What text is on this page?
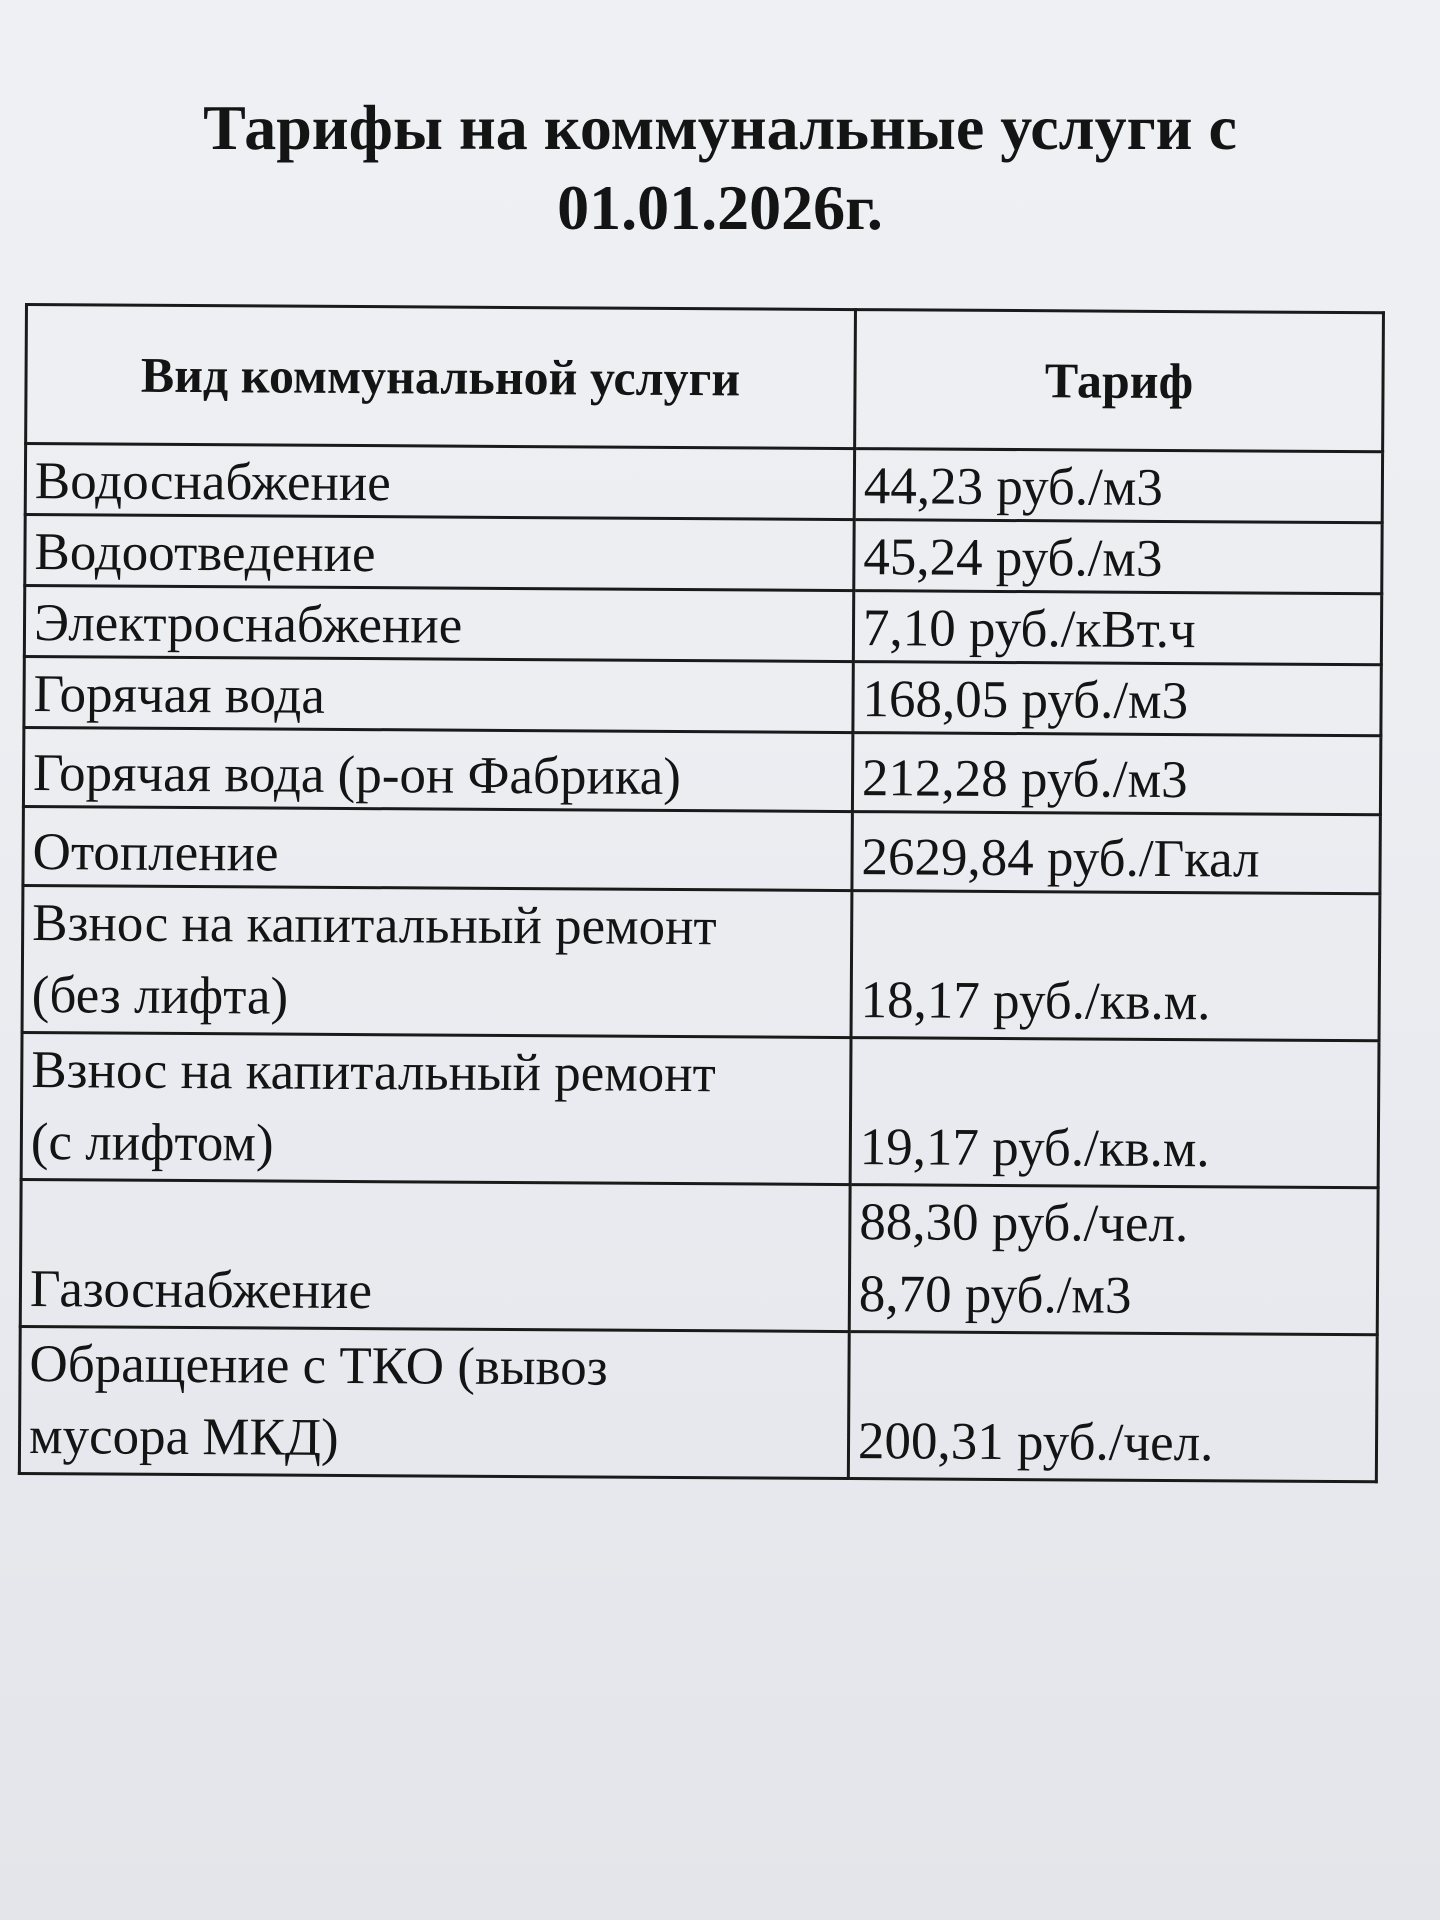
Тарифы на коммунальные услуги с
01.01.2026г.
Вид коммунальной услуги	Тариф

Водоснабжение	44,23 руб./м3

Водоотведение	45,24 руб./м3

Электроснабжение	7,10 руб./кВт.ч

Горячая вода	168,05 руб./м3

Горячая вода (р-он Фабрика)	212,28 руб./м3

Отопление	2629,84 руб./Гкал

Взнос на капитальный ремонт
(без лифта)	18,17 руб./кв.м.

Взнос на капитальный ремонт
(с лифтом)	19,17 руб./кв.м.

Газоснабжение	88,30 руб./чел.
8,70 руб./м3

Обращение с ТКО (вывоз
мусора МКД)	200,31 руб./чел.
